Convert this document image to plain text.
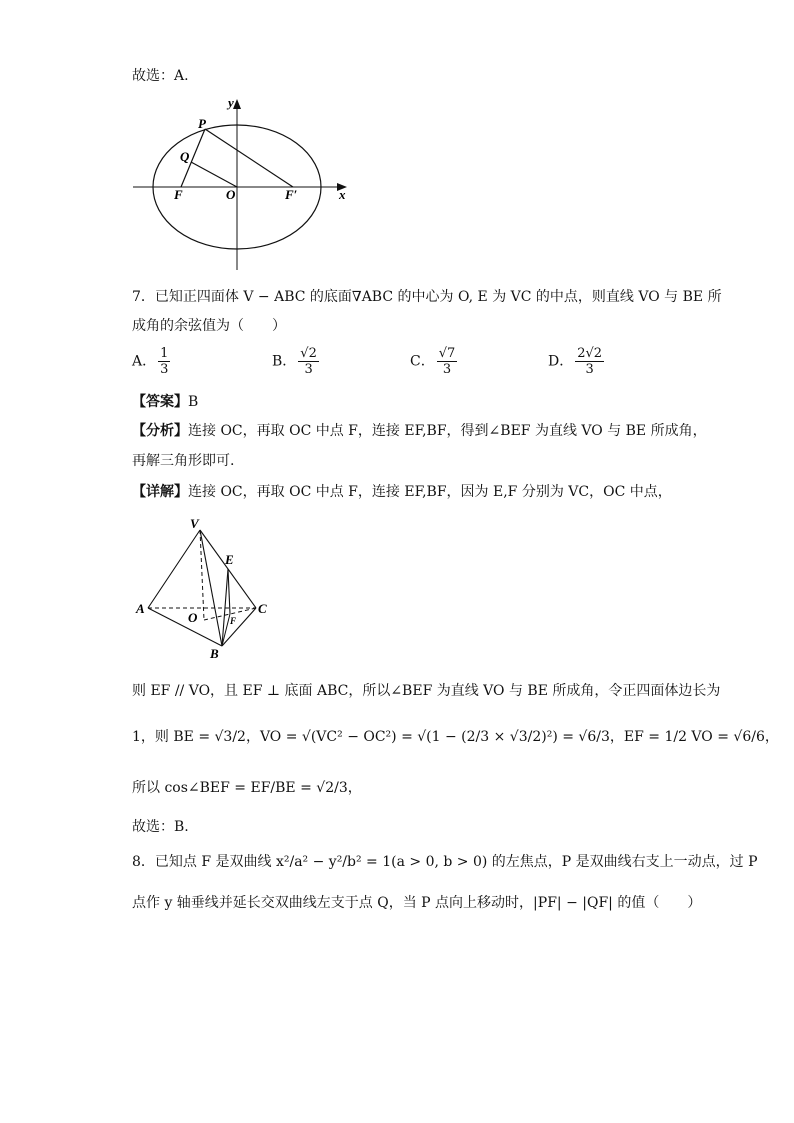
故选：A.
y
x
P
Q
F	O	F′
7．已知正四面体 V − ABC 的底面∇ABC 的中心为 O, E 为 VC 的中点，则直线 VO 与 BE 所
成角的余弦值为（　　）
A． $\frac{1}{3}$	B． $\frac{√2}{3}$	C． $\frac{√7}{3}$	D． $\frac{2√2}{3}$
【答案】B
【分析】连接 OC，再取 OC 中点 F，连接 EF,BF，得到∠BEF 为直线 VO 与 BE 所成角，
再解三角形即可.
【详解】连接 OC，再取 OC 中点 F，连接 EF,BF，因为 E,F 分别为 VC，OC 中点，
V
E
A	C
O	F
B
则 EF // VO，且 EF ⊥ 底面 ABC，所以∠BEF 为直线 VO 与 BE 所成角，令正四面体边长为
1，则 BE = √3/2，VO = √(VC² − OC²) = √(1 − (2/3 × √3/2)²) = √6/3，EF = 1/2 VO = √6/6，
所以 cos∠BEF = EF/BE = √2/3，
故选：B.
8．已知点 F 是双曲线 x²/a² − y²/b² = 1(a > 0, b > 0) 的左焦点，P 是双曲线右支上一动点，过 P
点作 y 轴垂线并延长交双曲线左支于点 Q，当 P 点向上移动时，|PF| − |QF| 的值（　　）
